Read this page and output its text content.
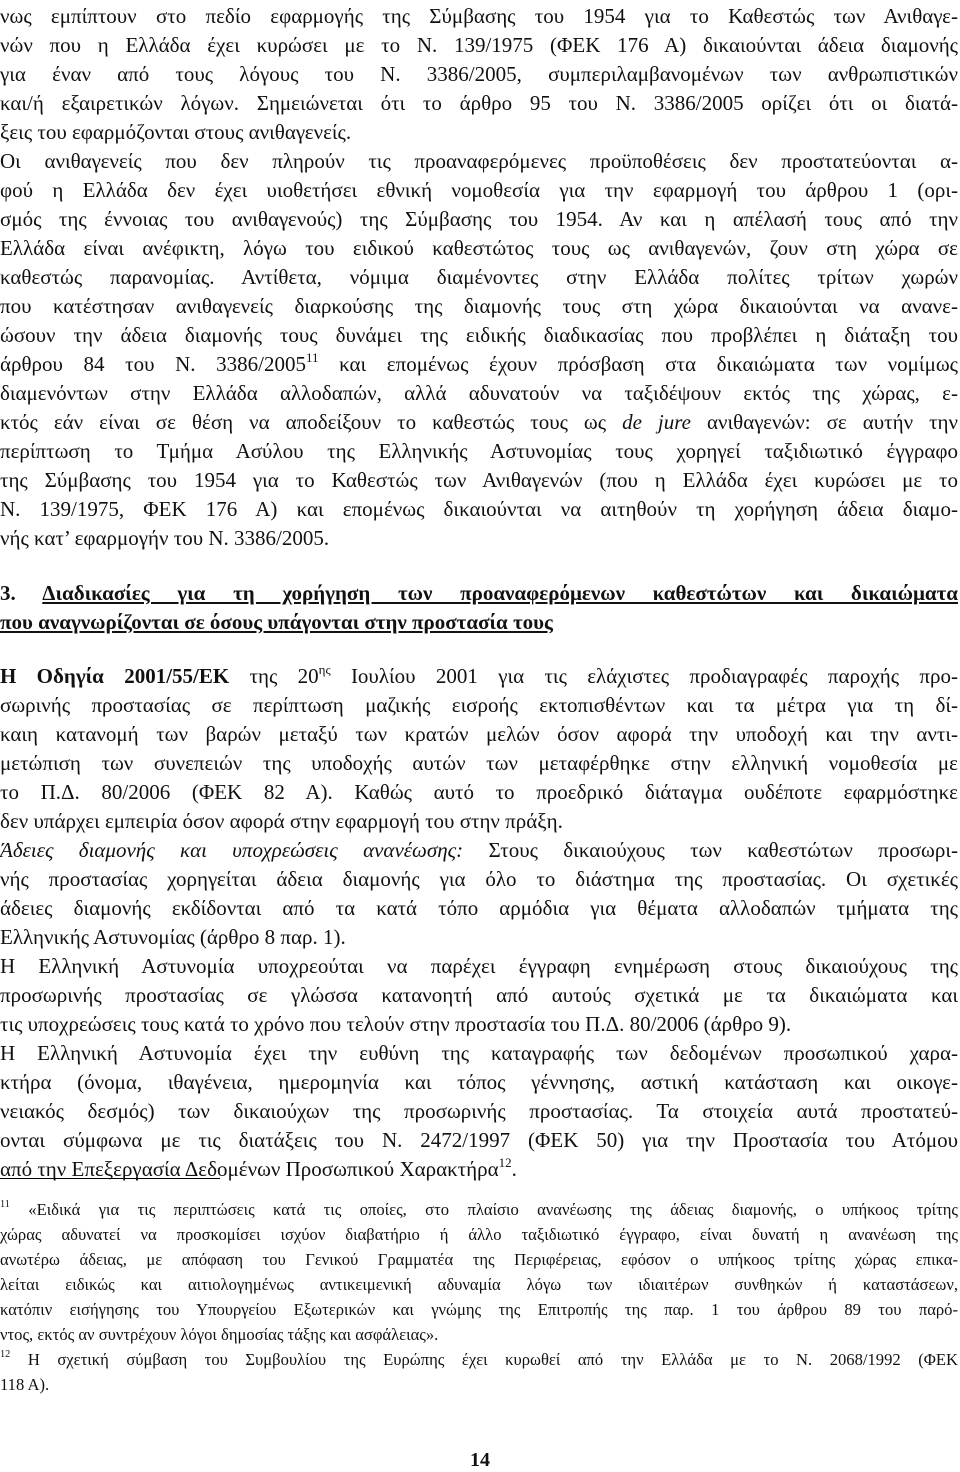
νως εμπίπτουν στο πεδίο εφαρμογής της Σύμβασης του 1954 για το Καθεστώς των Ανιθαγε-
νών που η Ελλάδα έχει κυρώσει με το Ν. 139/1975 (ΦΕΚ 176 Α) δικαιούνται άδεια διαμονής
για έναν από τους λόγους του Ν. 3386/2005, συμπεριλαμβανομένων των ανθρωπιστικών
και/ή εξαιρετικών λόγων. Σημειώνεται ότι το άρθρο 95 του Ν. 3386/2005 ορίζει ότι οι διατά-
ξεις του εφαρμόζονται στους ανιθαγενείς.
Οι ανιθαγενείς που δεν πληρούν τις προαναφερόμενες προϋποθέσεις δεν προστατεύονται α-
φού η Ελλάδα δεν έχει υιοθετήσει εθνική νομοθεσία για την εφαρμογή του άρθρου 1 (ορι-
σμός της έννοιας του ανιθαγενούς) της Σύμβασης του 1954. Αν και η απέλασή τους από την
Ελλάδα είναι ανέφικτη, λόγω του ειδικού καθεστώτος τους ως ανιθαγενών, ζουν στη χώρα σε
καθεστώς παρανομίας. Αντίθετα, νόμιμα διαμένοντες στην Ελλάδα πολίτες τρίτων χωρών
που κατέστησαν ανιθαγενείς διαρκούσης της διαμονής τους στη χώρα δικαιούνται να ανανε-
ώσουν την άδεια διαμονής τους δυνάμει της ειδικής διαδικασίας που προβλέπει η διάταξη του
άρθρου 84 του Ν. 3386/2005$^{11}$ και επομένως έχουν πρόσβαση στα δικαιώματα των νομίμως
διαμενόντων στην Ελλάδα αλλοδαπών, αλλά αδυνατούν να ταξιδέψουν εκτός της χώρας, ε-
κτός εάν είναι σε θέση να αποδείξουν το καθεστώς τους ως de jure ανιθαγενών: σε αυτήν την
περίπτωση το Τμήμα Ασύλου της Ελληνικής Αστυνομίας τους χορηγεί ταξιδιωτικό έγγραφο
της Σύμβασης του 1954 για το Καθεστώς των Ανιθαγενών (που η Ελλάδα έχει κυρώσει με το
Ν. 139/1975, ΦΕΚ 176 Α) και επομένως δικαιούνται να αιτηθούν τη χορήγηση άδεια διαμο-
νής κατ’ εφαρμογήν του Ν. 3386/2005.
3. Διαδικασίες για τη χορήγηση των προαναφερόμενων καθεστώτων και δικαιώματα
που αναγνωρίζονται σε όσους υπάγονται στην προστασία τους
Η Οδηγία 2001/55/ΕΚ της $20^{\eta\varsigma}$ Ιουλίου 2001 για τις ελάχιστες προδιαγραφές παροχής προ-
σωρινής προστασίας σε περίπτωση μαζικής εισροής εκτοπισθέντων και τα μέτρα για τη δί-
καιη κατανομή των βαρών μεταξύ των κρατών μελών όσον αφορά την υποδοχή και την αντι-
μετώπιση των συνεπειών της υποδοχής αυτών των μεταφέρθηκε στην ελληνική νομοθεσία με
το Π.Δ. 80/2006 (ΦΕΚ 82 Α). Καθώς αυτό το προεδρικό διάταγμα ουδέποτε εφαρμόστηκε
δεν υπάρχει εμπειρία όσον αφορά στην εφαρμογή του στην πράξη.
Άδειες διαμονής και υποχρεώσεις ανανέωσης: Στους δικαιούχους των καθεστώτων προσωρι-
νής προστασίας χορηγείται άδεια διαμονής για όλο το διάστημα της προστασίας. Οι σχετικές
άδειες διαμονής εκδίδονται από τα κατά τόπο αρμόδια για θέματα αλλοδαπών τμήματα της
Ελληνικής Αστυνομίας (άρθρο 8 παρ. 1).
Η Ελληνική Αστυνομία υποχρεούται να παρέχει έγγραφη ενημέρωση στους δικαιούχους της
προσωρινής προστασίας σε γλώσσα κατανοητή από αυτούς σχετικά με τα δικαιώματα και
τις υποχρεώσεις τους κατά το χρόνο που τελούν στην προστασία του Π.Δ. 80/2006 (άρθρο 9).
Η Ελληνική Αστυνομία έχει την ευθύνη της καταγραφής των δεδομένων προσωπικού χαρα-
κτήρα (όνομα, ιθαγένεια, ημερομηνία και τόπος γέννησης, αστική κατάσταση και οικογε-
νειακός δεσμός) των δικαιούχων της προσωρινής προστασίας. Τα στοιχεία αυτά προστατεύ-
ονται σύμφωνα με τις διατάξεις του Ν. 2472/1997 (ΦΕΚ 50) για την Προστασία του Ατόμου
από την Επεξεργασία Δεδομένων Προσωπικού Χαρακτήρα$^{12}$.
$^{11}$ «Ειδικά για τις περιπτώσεις κατά τις οποίες, στο πλαίσιο ανανέωσης της άδειας διαμονής, ο υπήκοος τρίτης
χώρας αδυνατεί να προσκομίσει ισχύον διαβατήριο ή άλλο ταξιδιωτικό έγγραφο, είναι δυνατή η ανανέωση της
ανωτέρω άδειας, με απόφαση του Γενικού Γραμματέα της Περιφέρειας, εφόσον ο υπήκοος τρίτης χώρας επικα-
λείται ειδικώς και αιτιολογημένως αντικειμενική αδυναμία λόγω των ιδιαιτέρων συνθηκών ή καταστάσεων,
κατόπιν εισήγησης του Υπουργείου Εξωτερικών και γνώμης της Επιτροπής της παρ. 1 του άρθρου 89 του παρό-
ντος, εκτός αν συντρέχουν λόγοι δημοσίας τάξης και ασφάλειας».
$^{12}$ Η σχετική σύμβαση του Συμβουλίου της Ευρώπης έχει κυρωθεί από την Ελλάδα με το Ν. 2068/1992 (ΦΕΚ
118 Α).
14
